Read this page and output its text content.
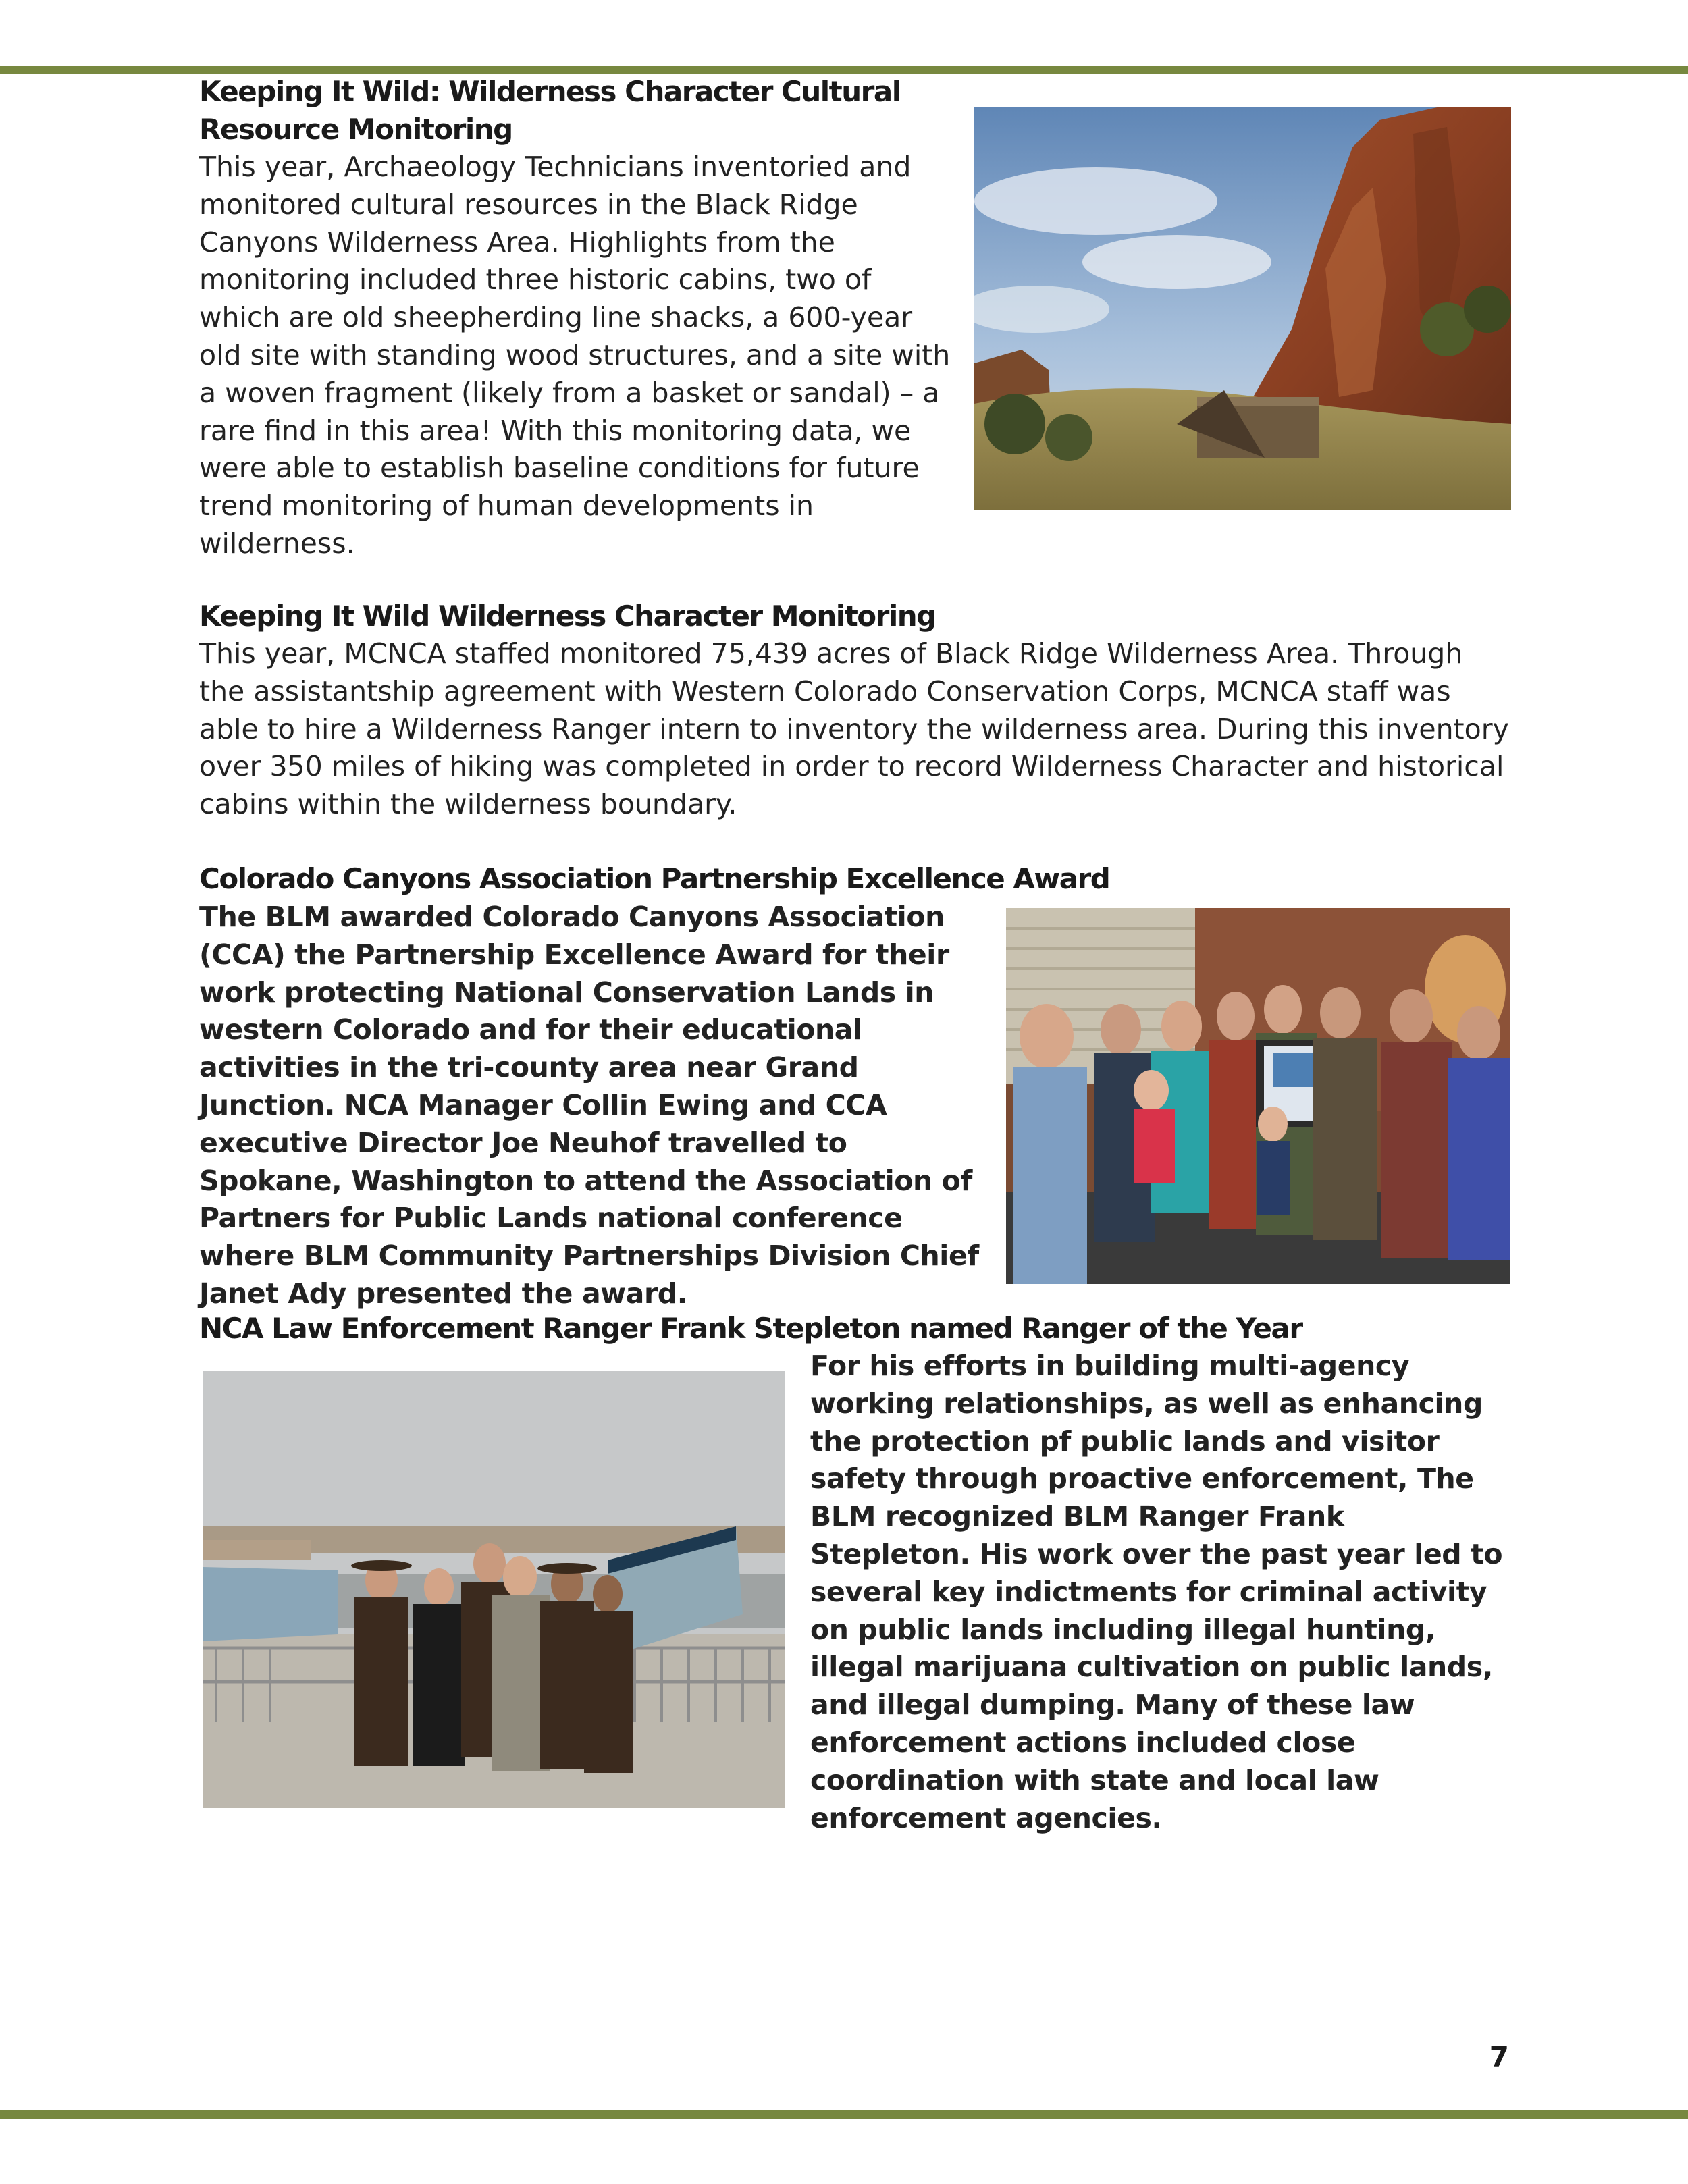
Keeping It Wild: Wilderness Character Cultural Resource Monitoring

This year, Archaeology Technicians inventoried and monitored cultural resources in the Black Ridge Canyons Wilderness Area. Highlights from the monitoring included three historic cabins, two of which are old sheepherding line shacks, a 600-year old site with standing wood structures, and a site with a woven fragment (likely from a basket or sandal) – a rare find in this area! With this monitoring data, we were able to establish baseline conditions for future trend monitoring of human developments in wilderness.

Keeping It Wild Wilderness Character Monitoring

This year, MCNCA staffed monitored 75,439 acres of Black Ridge Wilderness Area. Through the assistantship agreement with Western Colorado Conservation Corps, MCNCA staff was able to hire a Wilderness Ranger intern to inventory the wilderness area. During this inventory over 350 miles of hiking was completed in order to record Wilderness Character and historical cabins within the wilderness boundary.

Colorado Canyons Association Partnership Excellence Award

The BLM awarded Colorado Canyons Association (CCA) the Partnership Excellence Award for their work protecting National Conservation Lands in western Colorado and for their educational activities in the tri-county area near Grand Junction. NCA Manager Collin Ewing and CCA executive Director Joe Neuhof travelled to Spokane, Washington to attend the Association of Partners for Public Lands national conference where BLM Community Partnerships Division Chief Janet Ady presented the award.

NCA Law Enforcement Ranger Frank Stepleton named Ranger of the Year

For his efforts in building multi-agency working relationships, as well as enhancing the protection pf public lands and visitor safety through proactive enforcement, The BLM recognized BLM Ranger Frank Stepleton. His work over the past year led to several key indictments for criminal activity on public lands including illegal hunting, illegal marijuana cultivation on public lands, and illegal dumping. Many of these law enforcement actions included close coordination with state and local law enforcement agencies.

7
